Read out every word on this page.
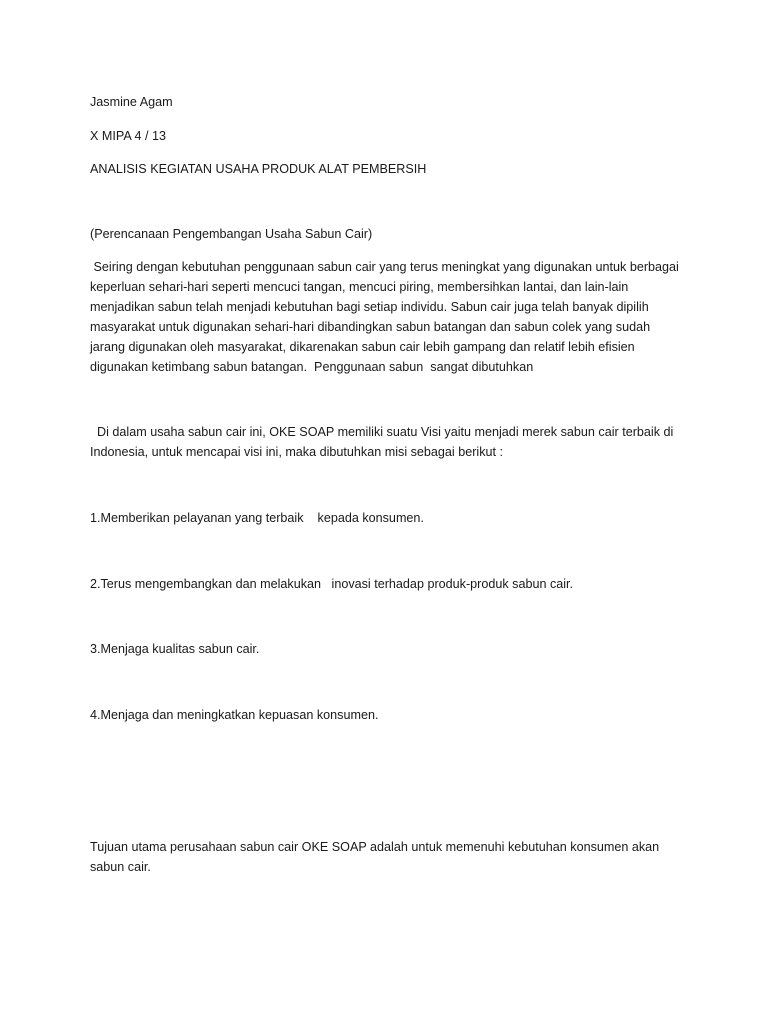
Jasmine Agam

X MIPA 4 / 13

ANALISIS KEGIATAN USAHA PRODUK ALAT PEMBERSIH

(Perencanaan Pengembangan Usaha Sabun Cair)

Seiring dengan kebutuhan penggunaan sabun cair yang terus meningkat yang digunakan untuk berbagai
keperluan sehari-hari seperti mencuci tangan, mencuci piring, membersihkan lantai, dan lain-lain
menjadikan sabun telah menjadi kebutuhan bagi setiap individu. Sabun cair juga telah banyak dipilih
masyarakat untuk digunakan sehari-hari dibandingkan sabun batangan dan sabun colek yang sudah
jarang digunakan oleh masyarakat, dikarenakan sabun cair lebih gampang dan relatif lebih efisien
digunakan ketimbang sabun batangan.  Penggunaan sabun  sangat dibutuhkan
Di dalam usaha sabun cair ini, OKE SOAP memiliki suatu Visi yaitu menjadi merek sabun cair terbaik di
Indonesia, untuk mencapai visi ini, maka dibutuhkan misi sebagai berikut :

1.Memberikan pelayanan yang terbaik    kepada konsumen.

2.Terus mengembangkan dan melakukan   inovasi terhadap produk-produk sabun cair.

3.Menjaga kualitas sabun cair.

4.Menjaga dan meningkatkan kepuasan konsumen.

Tujuan utama perusahaan sabun cair OKE SOAP adalah untuk memenuhi kebutuhan konsumen akan
sabun cair.
